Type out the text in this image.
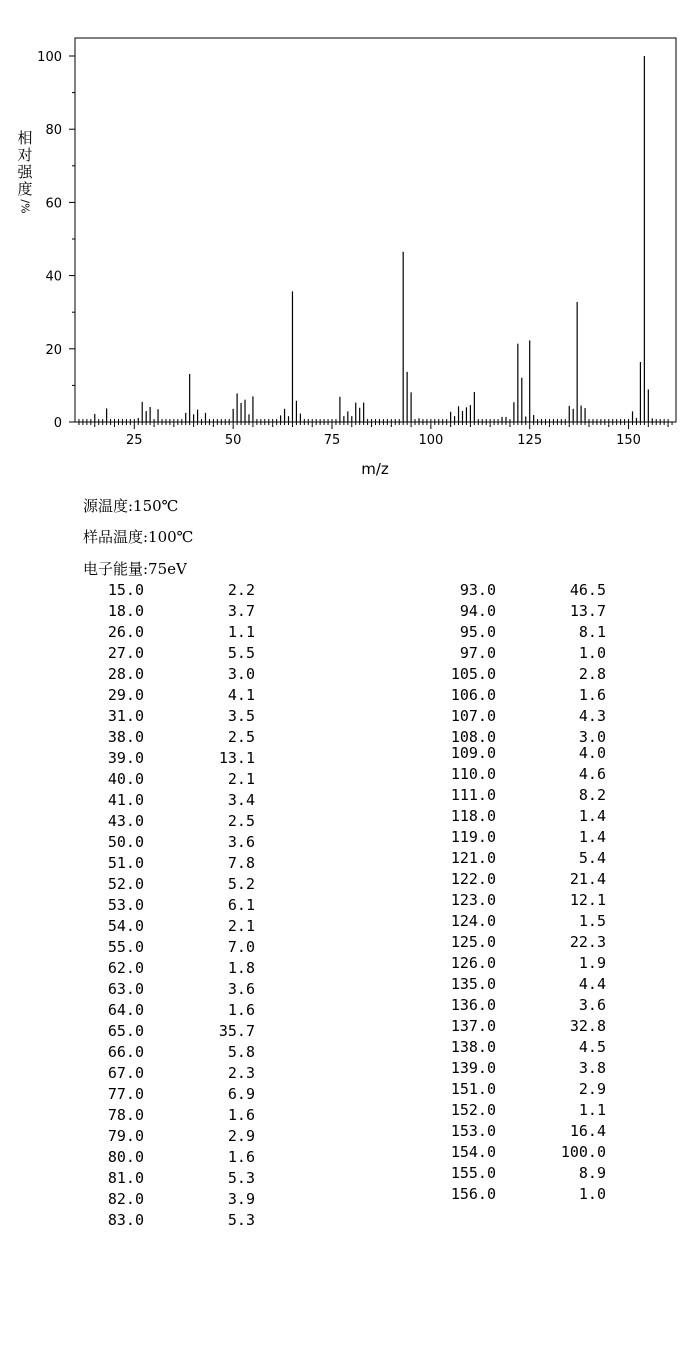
25	50	75	100	125	150
0
20
40
60
80
100
m/z
相
对
强
度
/%
源温度:150℃
样品温度:100℃
电子能量:75eV
15.0	2.2
18.0	3.7
26.0	1.1
27.0	5.5
28.0	3.0
29.0	4.1
31.0	3.5
38.0	2.5
39.0	13.1
40.0	2.1
41.0	3.4
43.0	2.5
50.0	3.6
51.0	7.8
52.0	5.2
53.0	6.1
54.0	2.1
55.0	7.0
62.0	1.8
63.0	3.6
64.0	1.6
65.0	35.7
66.0	5.8
67.0	2.3
77.0	6.9
78.0	1.6
79.0	2.9
80.0	1.6
81.0	5.3
82.0	3.9
83.0	5.3
93.0	46.5
94.0	13.7
95.0	8.1
97.0	1.0
105.0	2.8
106.0	1.6
107.0	4.3
108.0	3.0
109.0	4.0
110.0	4.6
111.0	8.2
118.0	1.4
119.0	1.4
121.0	5.4
122.0	21.4
123.0	12.1
124.0	1.5
125.0	22.3
126.0	1.9
135.0	4.4
136.0	3.6
137.0	32.8
138.0	4.5
139.0	3.8
151.0	2.9
152.0	1.1
153.0	16.4
154.0	100.0
155.0	8.9
156.0	1.0
